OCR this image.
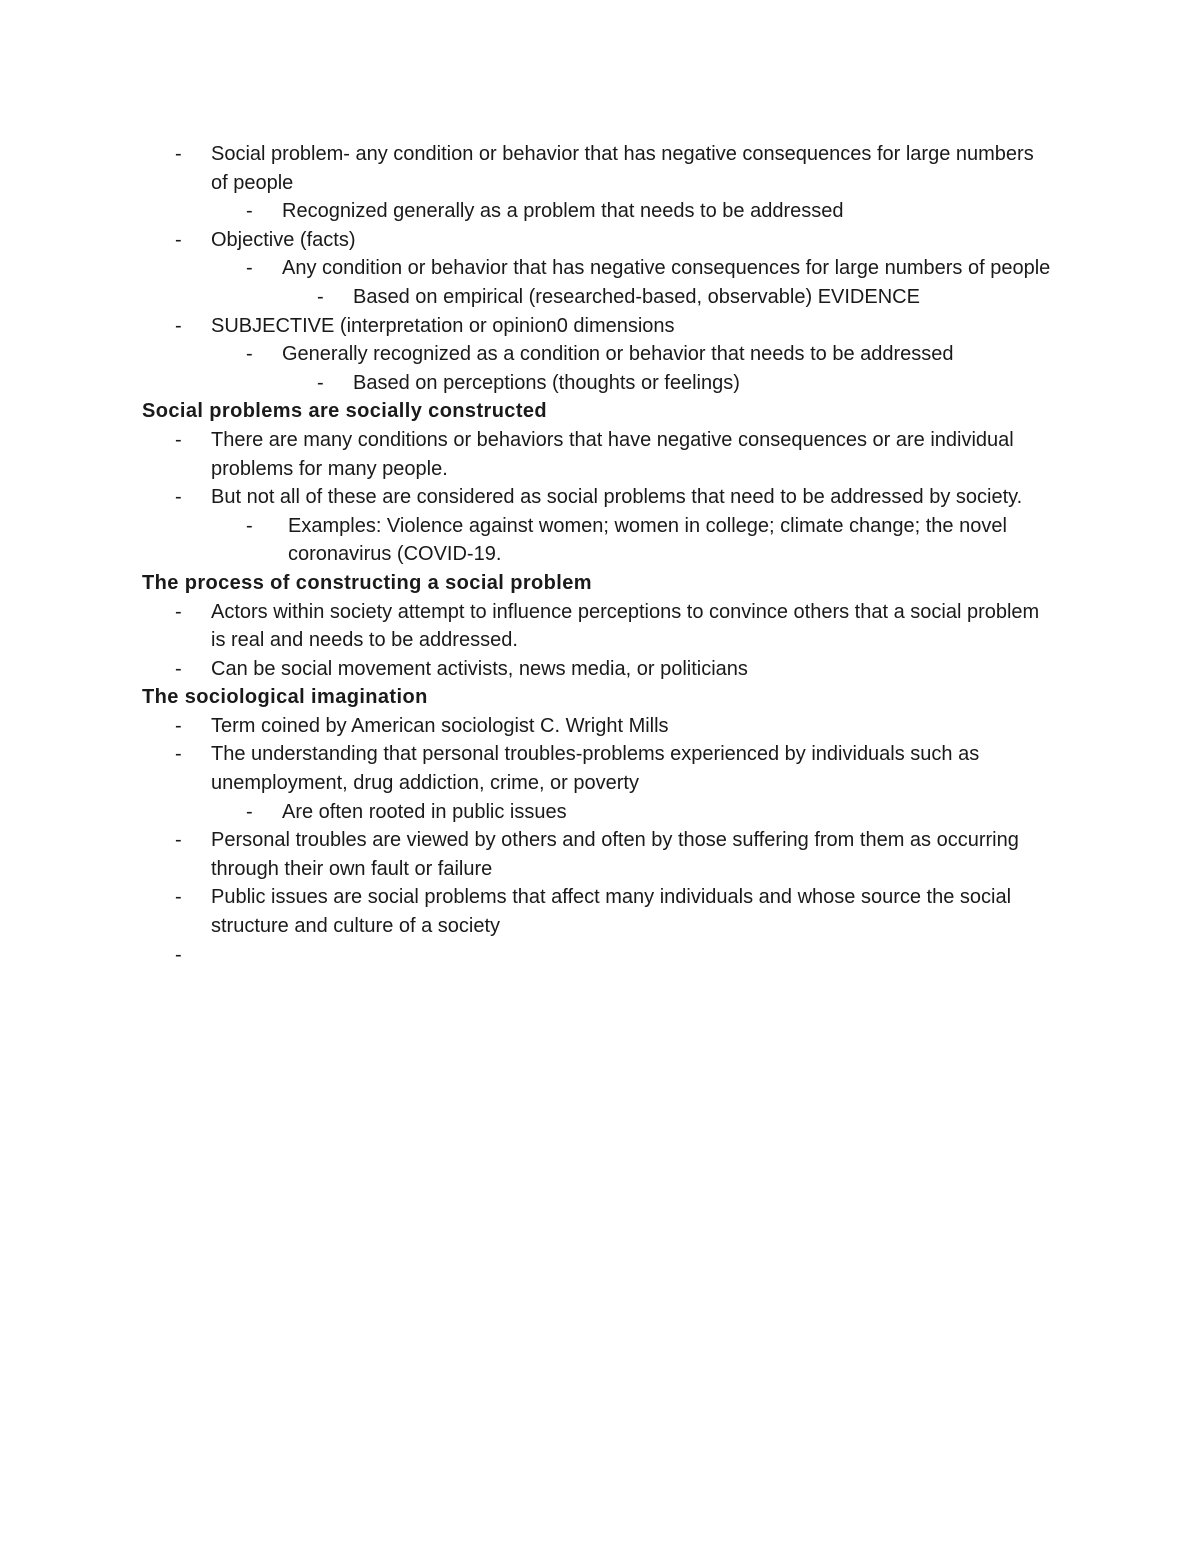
- Social problem- any condition or behavior that has negative consequences for large numbers of people
- Recognized generally as a problem that needs to be addressed
- Objective (facts)
- Any condition or behavior that has negative consequences for large numbers of people
- Based on empirical (researched-based, observable) EVIDENCE
- SUBJECTIVE (interpretation or opinion0 dimensions
- Generally recognized as a condition or behavior that needs to be addressed
- Based on perceptions (thoughts or feelings)
Social problems are socially constructed
- There are many conditions or behaviors that have negative consequences or are individual problems for many people.
- But not all of these are considered as social problems that need to be addressed by society.
- Examples: Violence against women; women in college; climate change; the novel coronavirus (COVID-19.
The process of constructing a social problem
- Actors within society attempt to influence perceptions to convince others that a social problem is real and needs to be addressed.
- Can be social movement activists, news media, or politicians
The sociological imagination
- Term coined by American sociologist C. Wright Mills
- The understanding that personal troubles-problems experienced by individuals such as unemployment, drug addiction, crime, or poverty
- Are often rooted in public issues
- Personal troubles are viewed by others and often by those suffering from them as occurring through their own fault or failure
- Public issues are social problems that affect many individuals and whose source the social structure and culture of a society
-
